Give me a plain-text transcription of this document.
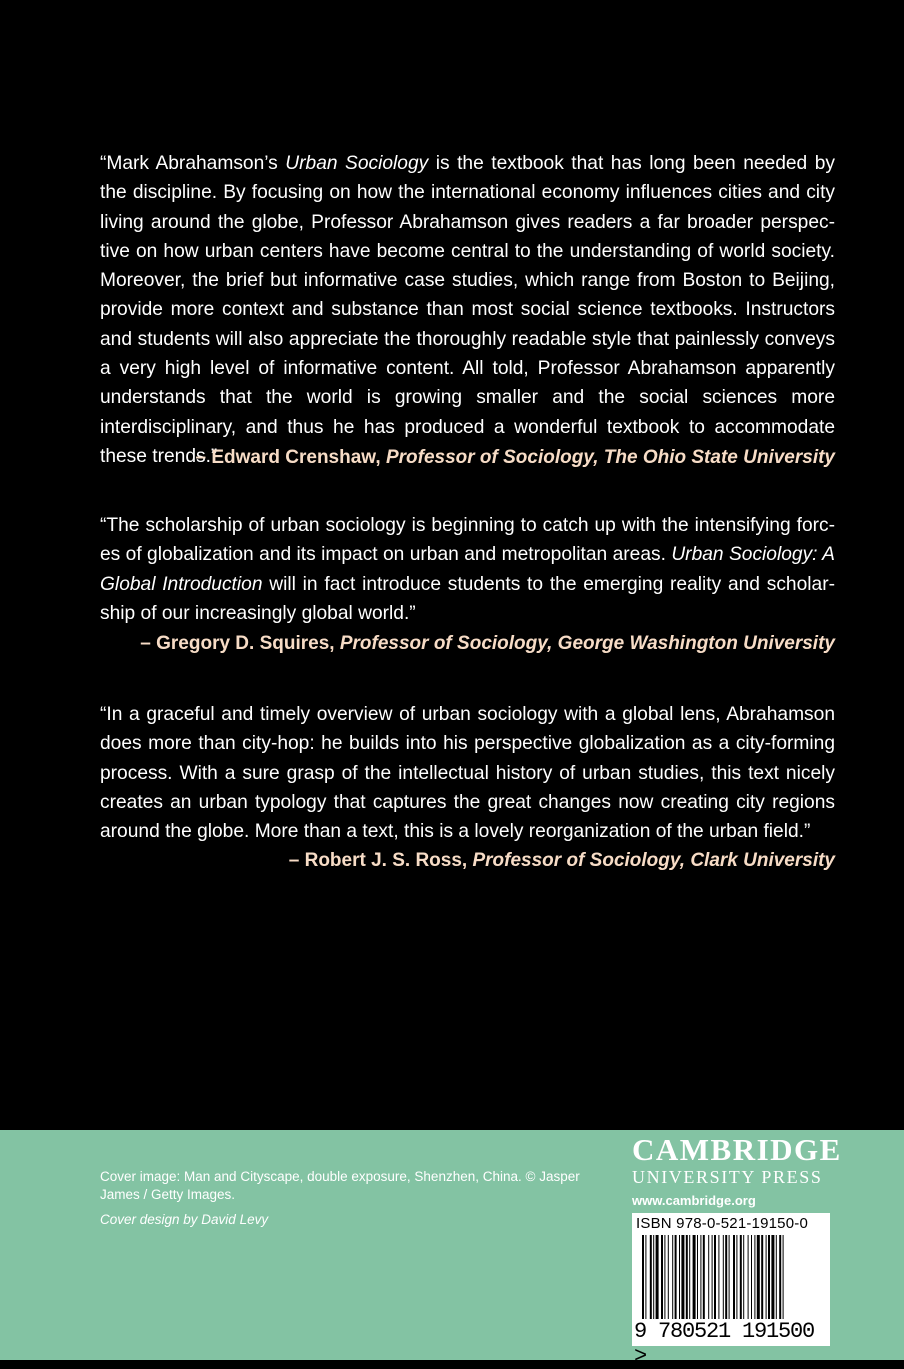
“Mark Abrahamson’s Urban Sociology is the textbook that has long been needed by the discipline. By focusing on how the international economy influences cities and city living around the globe, Professor Abrahamson gives readers a far broader perspective on how urban centers have become central to the understanding of world society. Moreover, the brief but informative case studies, which range from Boston to Beijing, provide more context and substance than most social science textbooks. Instructors and students will also appreciate the thoroughly readable style that painlessly conveys a very high level of informative content. All told, Professor Abrahamson apparently understands that the world is growing smaller and the social sciences more interdisciplinary, and thus he has produced a wonderful textbook to accommodate these trends.”

– Edward Crenshaw, Professor of Sociology, The Ohio State University

“The scholarship of urban sociology is beginning to catch up with the intensifying forces of globalization and its impact on urban and metropolitan areas. Urban Sociology: A Global Introduction will in fact introduce students to the emerging reality and scholarship of our increasingly global world.”

– Gregory D. Squires, Professor of Sociology, George Washington University

“In a graceful and timely overview of urban sociology with a global lens, Abrahamson does more than city-hop: he builds into his perspective globalization as a city-forming process. With a sure grasp of the intellectual history of urban studies, this text nicely creates an urban typology that captures the great changes now creating city regions around the globe. More than a text, this is a lovely reorganization of the urban field.”

– Robert J. S. Ross, Professor of Sociology, Clark University
Cover image: Man and Cityscape, double exposure, Shenzhen, China. © Jasper James / Getty Images.
Cover design by David Levy
CAMBRIDGE
UNIVERSITY PRESS
www.cambridge.org
ISBN 978-0-521-19150-0
9 780521 191500 >
